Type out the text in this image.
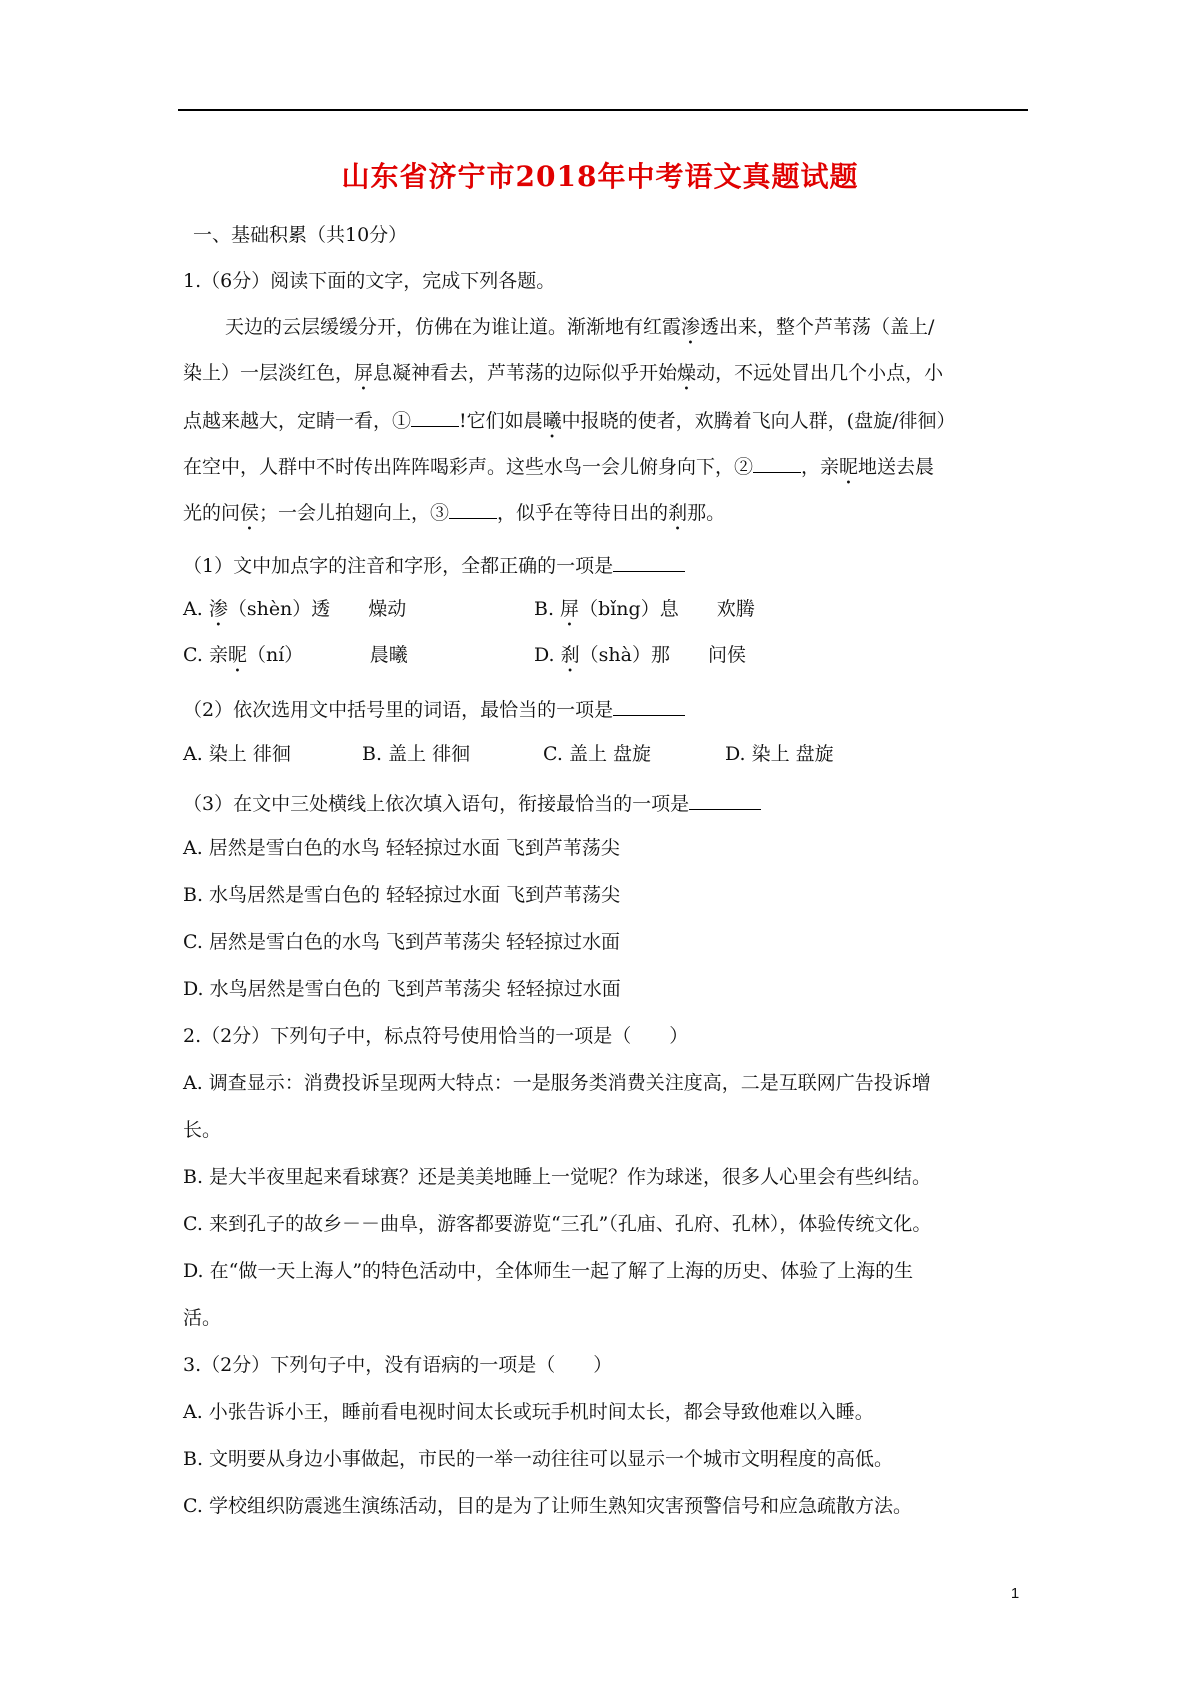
山东省济宁市2018年中考语文真题试题
一、基础积累（共10分）
1.（6分）阅读下面的文字，完成下列各题。
天边的云层缓缓分开，仿佛在为谁让道。渐渐地有红霞渗透出来，整个芦苇荡（盖上/
染上）一层淡红色，屏息凝神看去，芦苇荡的边际似乎开始燥动，不远处冒出几个小点，小
点越来越大，定睛一看，①	!它们如晨曦中报晓的使者，欢腾着飞向人群，(盘旋/徘徊）
在空中，人群中不时传出阵阵喝彩声。这些水鸟一会儿俯身向下，②	，亲昵地送去晨
光的问侯；一会儿拍翅向上，③	，似乎在等待日出的刹那。
（1）文中加点字的注音和字形，全都正确的一项是
A. 渗（shèn）透　　燥动	B. 屏（bǐng）息　　欢腾
C. 亲昵（ní）　　　　晨曦	D. 刹（shà）那　　问侯
（2）依次选用文中括号里的词语，最恰当的一项是
A. 染上 徘徊	B. 盖上 徘徊	C. 盖上 盘旋	D. 染上 盘旋
（3）在文中三处横线上依次填入语句，衔接最恰当的一项是
A. 居然是雪白色的水鸟 轻轻掠过水面 飞到芦苇荡尖
B. 水鸟居然是雪白色的 轻轻掠过水面 飞到芦苇荡尖
C. 居然是雪白色的水鸟 飞到芦苇荡尖 轻轻掠过水面
D. 水鸟居然是雪白色的 飞到芦苇荡尖 轻轻掠过水面
2.（2分）下列句子中，标点符号使用恰当的一项是（　　）
A. 调查显示：消费投诉呈现两大特点：一是服务类消费关注度高，二是互联网广告投诉增
长。
B. 是大半夜里起来看球赛？还是美美地睡上一觉呢？作为球迷，很多人心里会有些纠结。
C. 来到孔子的故乡－－曲阜，游客都要游览“三孔”（孔庙、孔府、孔林），体验传统文化。
D. 在“做一天上海人”的特色活动中，全体师生一起了解了上海的历史、体验了上海的生
活。
3.（2分）下列句子中，没有语病的一项是（　　）
A. 小张告诉小王，睡前看电视时间太长或玩手机时间太长，都会导致他难以入睡。
B. 文明要从身边小事做起，市民的一举一动往往可以显示一个城市文明程度的高低。
C. 学校组织防震逃生演练活动，目的是为了让师生熟知灾害预警信号和应急疏散方法。
1
